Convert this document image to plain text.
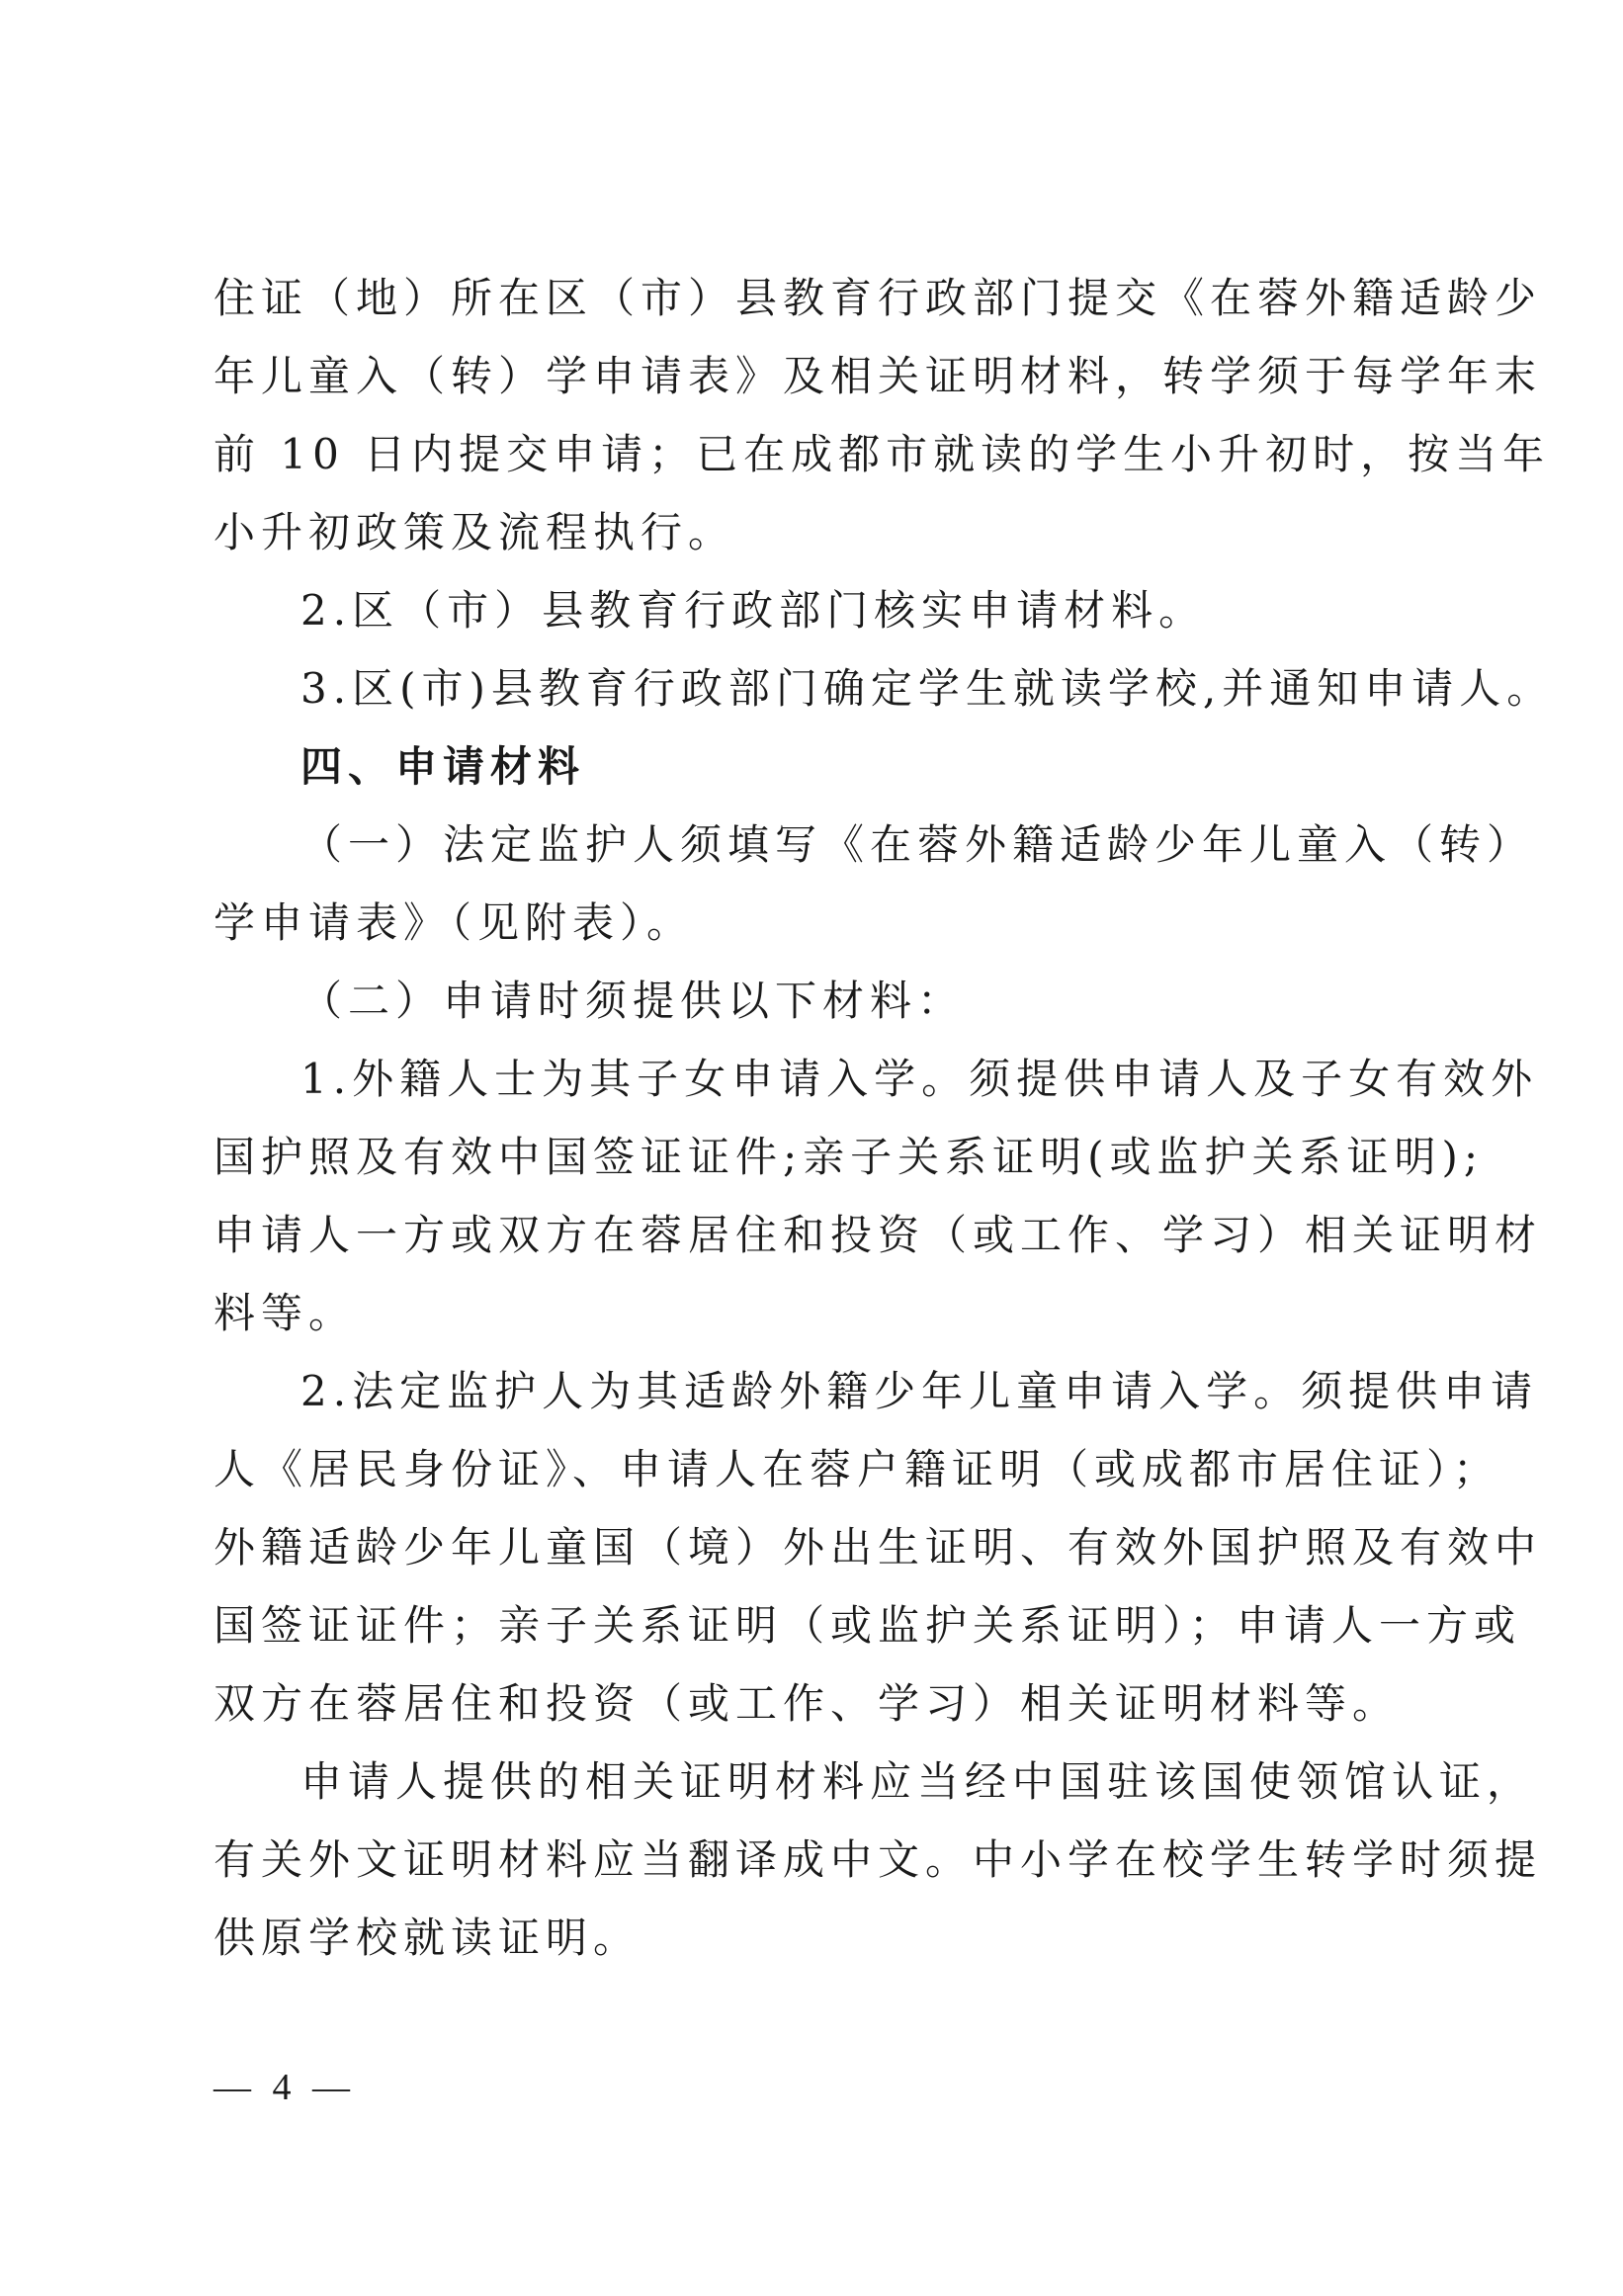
住证（地）所在区（市）县教育行政部门提交《在蓉外籍适龄少
年儿童入（转）学申请表》及相关证明材料，转学须于每学年末
前 10 日内提交申请；已在成都市就读的学生小升初时，按当年
小升初政策及流程执行。
2.区（市）县教育行政部门核实申请材料。
3.区(市)县教育行政部门确定学生就读学校,并通知申请人。
四、申请材料
（一）法定监护人须填写《在蓉外籍适龄少年儿童入（转）
学申请表》（见附表）。
（二）申请时须提供以下材料：
1.外籍人士为其子女申请入学。须提供申请人及子女有效外
国护照及有效中国签证证件;亲子关系证明(或监护关系证明);
申请人一方或双方在蓉居住和投资（或工作、学习）相关证明材
料等。
2.法定监护人为其适龄外籍少年儿童申请入学。须提供申请
人《居民身份证》、申请人在蓉户籍证明（或成都市居住证）；
外籍适龄少年儿童国（境）外出生证明、有效外国护照及有效中
国签证证件；亲子关系证明（或监护关系证明）；申请人一方或
双方在蓉居住和投资（或工作、学习）相关证明材料等。
申请人提供的相关证明材料应当经中国驻该国使领馆认证，
有关外文证明材料应当翻译成中文。中小学在校学生转学时须提
供原学校就读证明。
— 4 —
